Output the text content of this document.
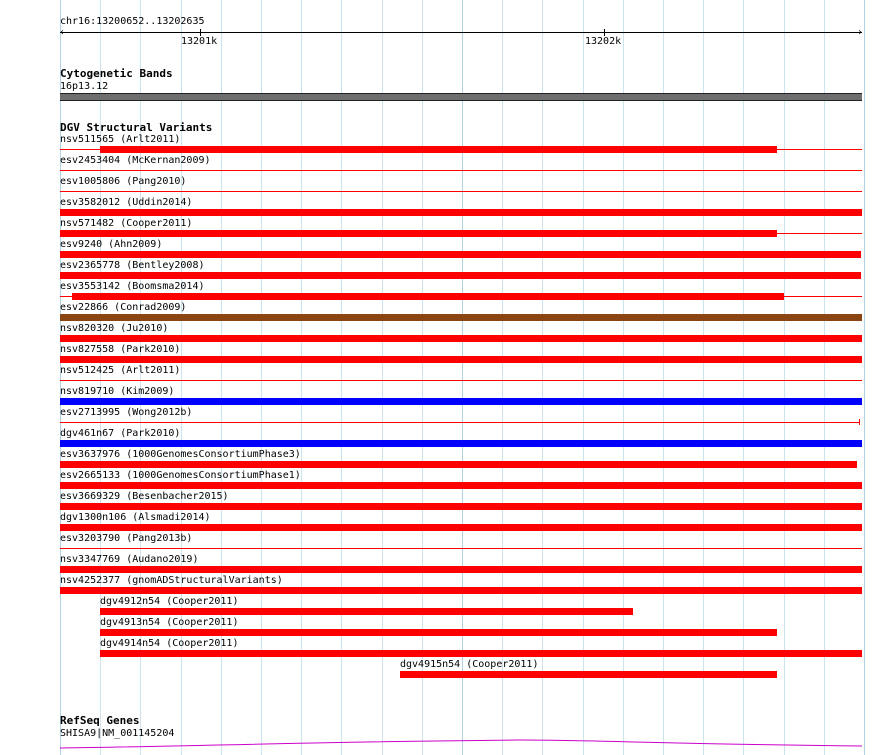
chr16:13200652..13202635
‹	›
13201k	13202k
Cytogenetic Bands
16p13.12
DGV Structural Variants
nsv511565 (Arlt2011)
esv2453404 (McKernan2009)
esv1005806 (Pang2010)
esv3582012 (Uddin2014)
nsv571482 (Cooper2011)
esv9240 (Ahn2009)
esv2365778 (Bentley2008)
esv3553142 (Boomsma2014)
esv22866 (Conrad2009)
nsv820320 (Ju2010)
nsv827558 (Park2010)
nsv512425 (Arlt2011)
nsv819710 (Kim2009)
esv2713995 (Wong2012b)
dgv461n67 (Park2010)
esv3637976 (1000GenomesConsortiumPhase3)
esv2665133 (1000GenomesConsortiumPhase1)
esv3669329 (Besenbacher2015)
dgv1300n106 (Alsmadi2014)
esv3203790 (Pang2013b)
nsv3347769 (Audano2019)
nsv4252377 (gnomADStructuralVariants)
dgv4912n54 (Cooper2011)
dgv4913n54 (Cooper2011)
dgv4914n54 (Cooper2011)
dgv4915n54 (Cooper2011)
RefSeq Genes
SHISA9|NM_001145204
